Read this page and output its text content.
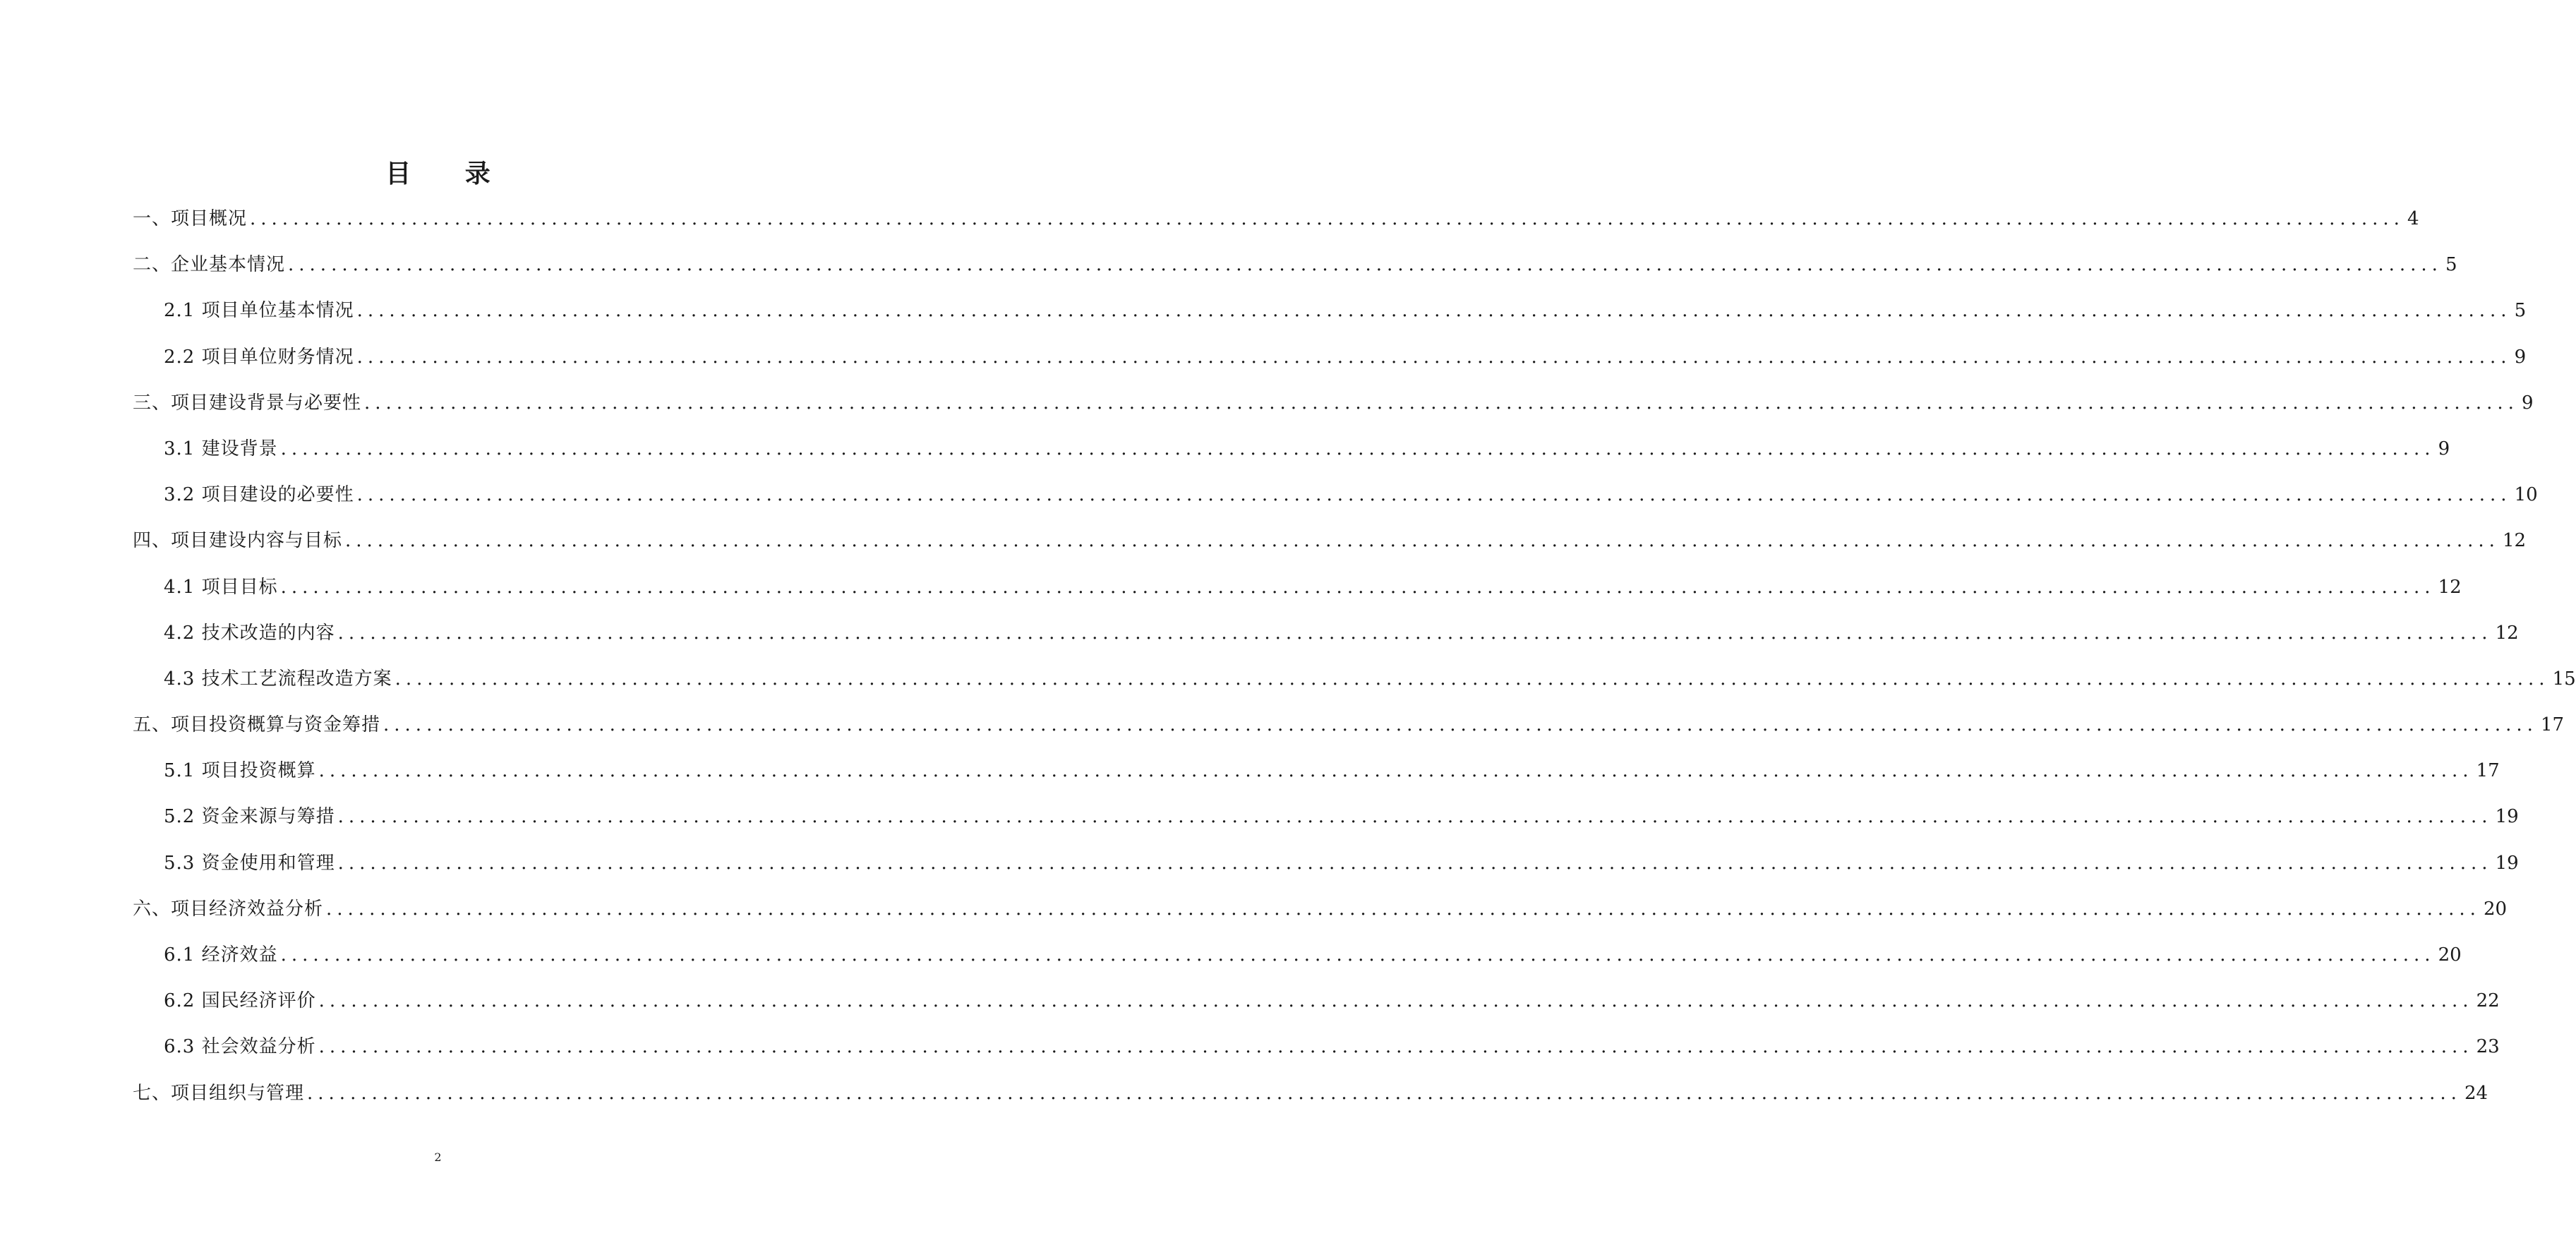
目 录
一、项目概况 ........................................................................................................................................................................................................ 4
二、企业基本情况 ........................................................................................................................................................................................................ 5
2.1 项目单位基本情况 ........................................................................................................................................................................................................ 5
2.2 项目单位财务情况 ........................................................................................................................................................................................................ 9
三、项目建设背景与必要性 ........................................................................................................................................................................................................ 9
3.1 建设背景 ........................................................................................................................................................................................................ 9
3.2 项目建设的必要性 ........................................................................................................................................................................................................ 10
四、项目建设内容与目标 ........................................................................................................................................................................................................ 12
4.1 项目目标 ........................................................................................................................................................................................................ 12
4.2 技术改造的内容 ........................................................................................................................................................................................................ 12
4.3 技术工艺流程改造方案 ........................................................................................................................................................................................................ 15
五、项目投资概算与资金筹措 ........................................................................................................................................................................................................ 17
5.1 项目投资概算 ........................................................................................................................................................................................................ 17
5.2 资金来源与筹措 ........................................................................................................................................................................................................ 19
5.3 资金使用和管理 ........................................................................................................................................................................................................ 19
六、项目经济效益分析 ........................................................................................................................................................................................................ 20
6.1 经济效益 ........................................................................................................................................................................................................ 20
6.2 国民经济评价 ........................................................................................................................................................................................................ 22
6.3 社会效益分析 ........................................................................................................................................................................................................ 23
七、项目组织与管理 ........................................................................................................................................................................................................ 24
2
